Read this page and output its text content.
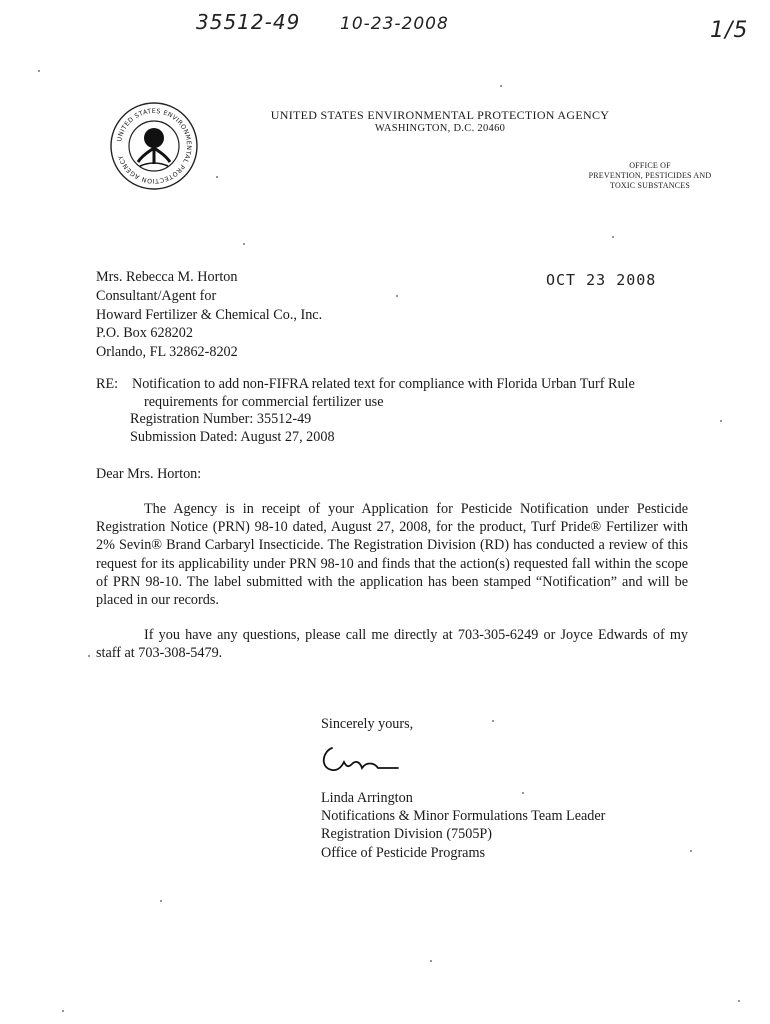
35512-49 10-23-2008	1/5
UNITED STATES ENVIRONMENTAL PROTECTION AGENCY
UNITED STATES ENVIRONMENTAL PROTECTION AGENCY
WASHINGTON, D.C. 20460
OFFICE OF
PREVENTION, PESTICIDES AND
TOXIC SUBSTANCES
OCT 23 2008
Mrs. Rebecca M. Horton
Consultant/Agent for
Howard Fertilizer & Chemical Co., Inc.
P.O. Box 628202
Orlando, FL 32862-8202
RE: Notification to add non-FIFRA related text for compliance with Florida Urban Turf Rule
requirements for commercial fertilizer use
Registration Number: 35512-49
Submission Dated: August 27, 2008
Dear Mrs. Horton:
The Agency is in receipt of your Application for Pesticide Notification under Pesticide Registration Notice (PRN) 98-10 dated, August 27, 2008, for the product, Turf Pride® Fertilizer with 2% Sevin® Brand Carbaryl Insecticide. The Registration Division (RD) has conducted a review of this request for its applicability under PRN 98-10 and finds that the action(s) requested fall within the scope of PRN 98-10. The label submitted with the application has been stamped “Notification” and will be placed in our records.
If you have any questions, please call me directly at 703-305-6249 or Joyce Edwards of my staff at 703-308-5479.
Sincerely yours,
Linda Arrington
Notifications & Minor Formulations Team Leader
Registration Division (7505P)
Office of Pesticide Programs
